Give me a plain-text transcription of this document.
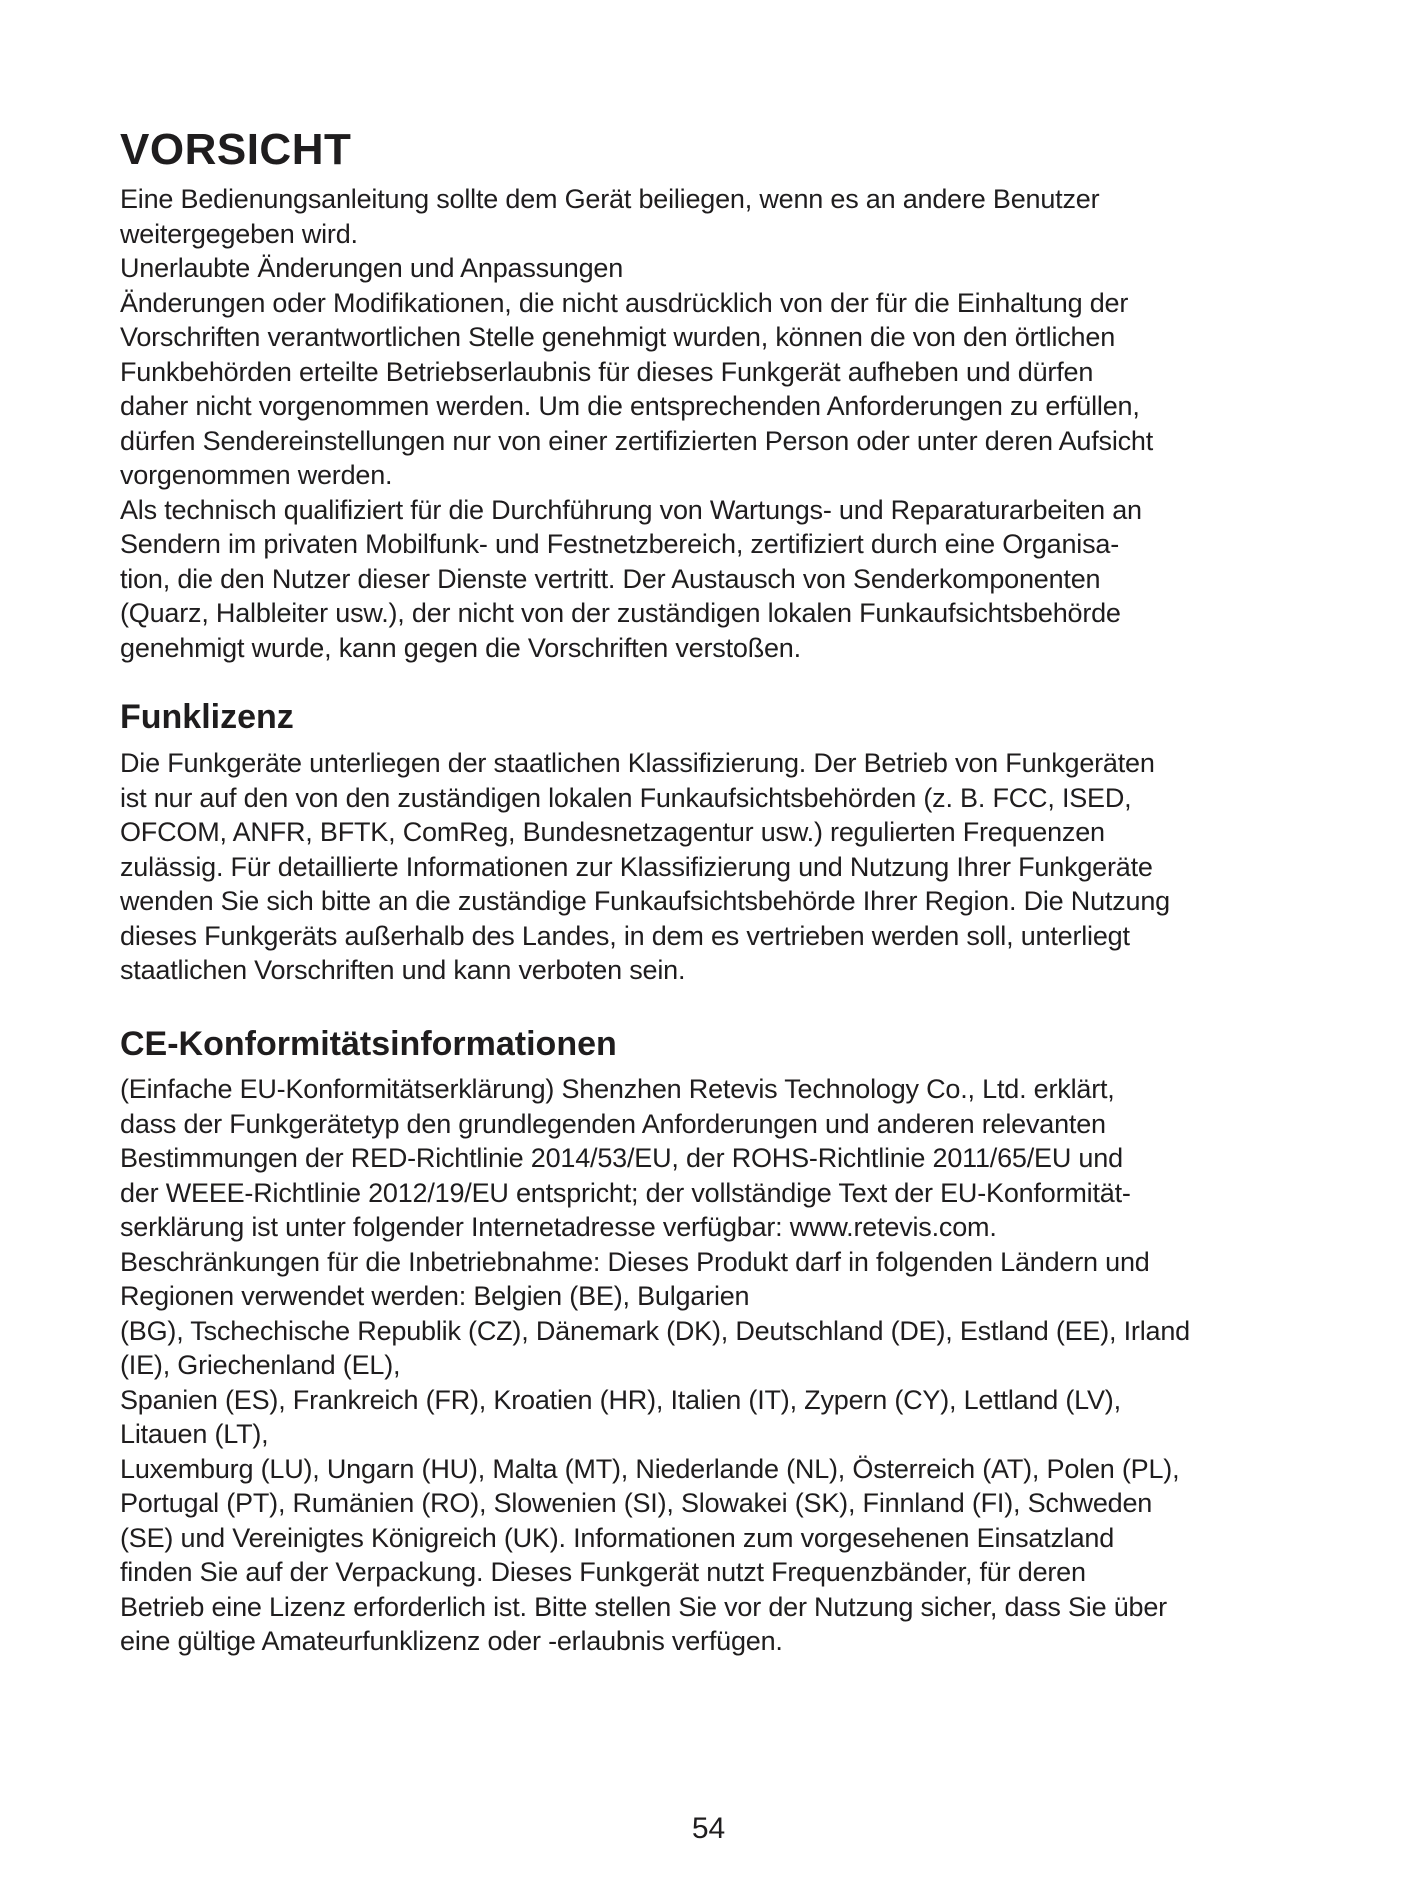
VORSICHT
Eine Bedienungsanleitung sollte dem Gerät beiliegen, wenn es an andere Benutzer
weitergegeben wird.
Unerlaubte Änderungen und Anpassungen
Änderungen oder Modifikationen, die nicht ausdrücklich von der für die Einhaltung der
Vorschriften verantwortlichen Stelle genehmigt wurden, können die von den örtlichen
Funkbehörden erteilte Betriebserlaubnis für dieses Funkgerät aufheben und dürfen
daher nicht vorgenommen werden. Um die entsprechenden Anforderungen zu erfüllen,
dürfen Sendereinstellungen nur von einer zertifizierten Person oder unter deren Aufsicht
vorgenommen werden.
Als technisch qualifiziert für die Durchführung von Wartungs- und Reparaturarbeiten an
Sendern im privaten Mobilfunk- und Festnetzbereich, zertifiziert durch eine Organisa-
tion, die den Nutzer dieser Dienste vertritt. Der Austausch von Senderkomponenten
(Quarz, Halbleiter usw.), der nicht von der zuständigen lokalen Funkaufsichtsbehörde
genehmigt wurde, kann gegen die Vorschriften verstoßen.
Funklizenz
Die Funkgeräte unterliegen der staatlichen Klassifizierung. Der Betrieb von Funkgeräten
ist nur auf den von den zuständigen lokalen Funkaufsichtsbehörden (z. B. FCC, ISED,
OFCOM, ANFR, BFTK, ComReg, Bundesnetzagentur usw.) regulierten Frequenzen
zulässig. Für detaillierte Informationen zur Klassifizierung und Nutzung Ihrer Funkgeräte
wenden Sie sich bitte an die zuständige Funkaufsichtsbehörde Ihrer Region. Die Nutzung
dieses Funkgeräts außerhalb des Landes, in dem es vertrieben werden soll, unterliegt
staatlichen Vorschriften und kann verboten sein.
CE-Konformitätsinformationen
(Einfache EU-Konformitätserklärung) Shenzhen Retevis Technology Co., Ltd. erklärt,
dass der Funkgerätetyp den grundlegenden Anforderungen und anderen relevanten
Bestimmungen der RED-Richtlinie 2014/53/EU, der ROHS-Richtlinie 2011/65/EU und
der WEEE-Richtlinie 2012/19/EU entspricht; der vollständige Text der EU-Konformität-
serklärung ist unter folgender Internetadresse verfügbar: www.retevis.com.
Beschränkungen für die Inbetriebnahme: Dieses Produkt darf in folgenden Ländern und
Regionen verwendet werden: Belgien (BE), Bulgarien
(BG), Tschechische Republik (CZ), Dänemark (DK), Deutschland (DE), Estland (EE), Irland
(IE), Griechenland (EL),
Spanien (ES), Frankreich (FR), Kroatien (HR), Italien (IT), Zypern (CY), Lettland (LV),
Litauen (LT),
Luxemburg (LU), Ungarn (HU), Malta (MT), Niederlande (NL), Österreich (AT), Polen (PL),
Portugal (PT), Rumänien (RO), Slowenien (SI), Slowakei (SK), Finnland (FI), Schweden
(SE) und Vereinigtes Königreich (UK). Informationen zum vorgesehenen Einsatzland
finden Sie auf der Verpackung. Dieses Funkgerät nutzt Frequenzbänder, für deren
Betrieb eine Lizenz erforderlich ist. Bitte stellen Sie vor der Nutzung sicher, dass Sie über
eine gültige Amateurfunklizenz oder -erlaubnis verfügen.
54
